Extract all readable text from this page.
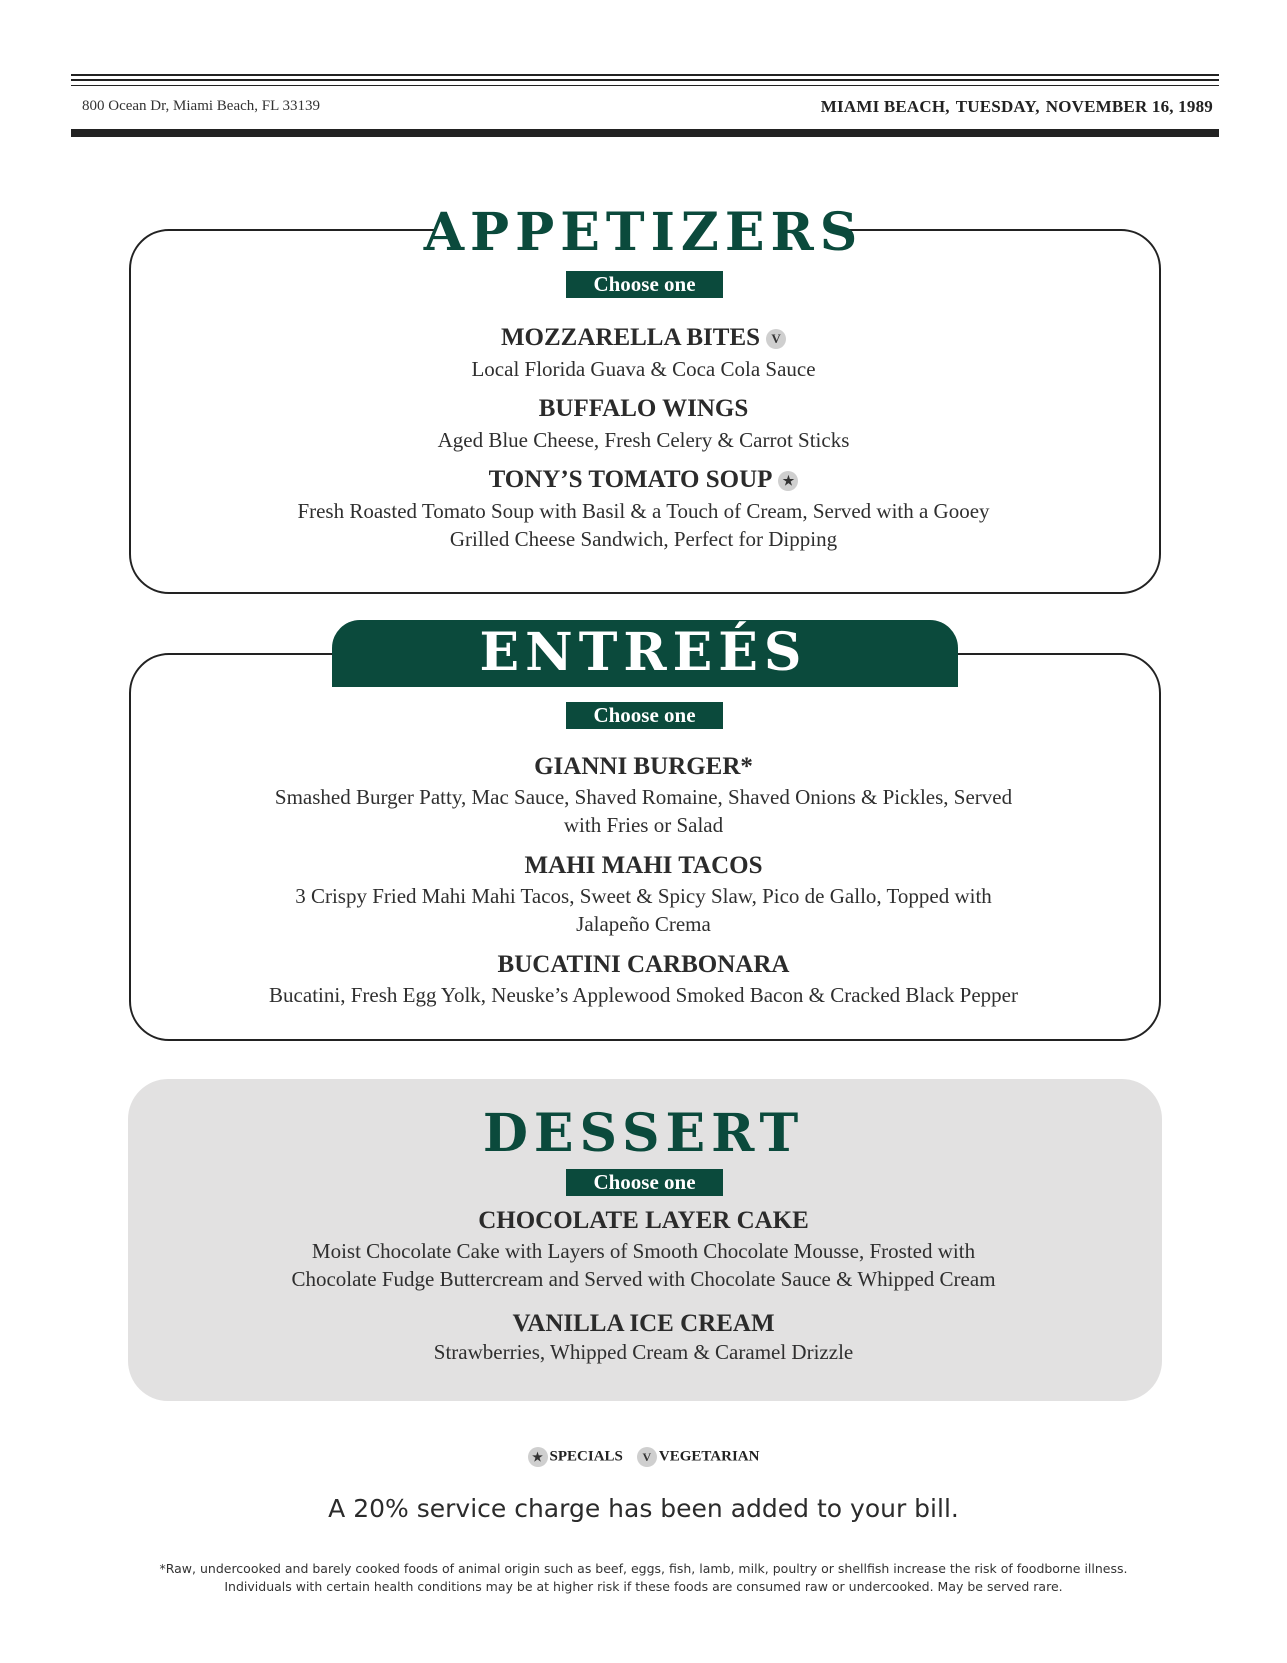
800 Ocean Dr, Miami Beach, FL 33139	MIAMI BEACH, TUESDAY, NOVEMBER 16, 1989
APPETIZERS
Choose one
MOZZARELLA BITES V
Local Florida Guava & Coca Cola Sauce
BUFFALO WINGS
Aged Blue Cheese, Fresh Celery & Carrot Sticks
TONY’S TOMATO SOUP ★
Fresh Roasted Tomato Soup with Basil & a Touch of Cream, Served with a Gooey
Grilled Cheese Sandwich, Perfect for Dipping
ENTREÉS
Choose one
GIANNI BURGER*
Smashed Burger Patty, Mac Sauce, Shaved Romaine, Shaved Onions & Pickles, Served
with Fries or Salad
MAHI MAHI TACOS
3 Crispy Fried Mahi Mahi Tacos, Sweet & Spicy Slaw, Pico de Gallo, Topped with
Jalapeño Crema
BUCATINI CARBONARA
Bucatini, Fresh Egg Yolk, Neuske’s Applewood Smoked Bacon & Cracked Black Pepper
DESSERT
Choose one
CHOCOLATE LAYER CAKE
Moist Chocolate Cake with Layers of Smooth Chocolate Mousse, Frosted with
Chocolate Fudge Buttercream and Served with Chocolate Sauce & Whipped Cream
VANILLA ICE CREAM
Strawberries, Whipped Cream & Caramel Drizzle
★ SPECIALS V VEGETARIAN
A 20% service charge has been added to your bill.
*Raw, undercooked and barely cooked foods of animal origin such as beef, eggs, fish, lamb, milk, poultry or shellfish increase the risk of foodborne illness.
Individuals with certain health conditions may be at higher risk if these foods are consumed raw or undercooked. May be served rare.
